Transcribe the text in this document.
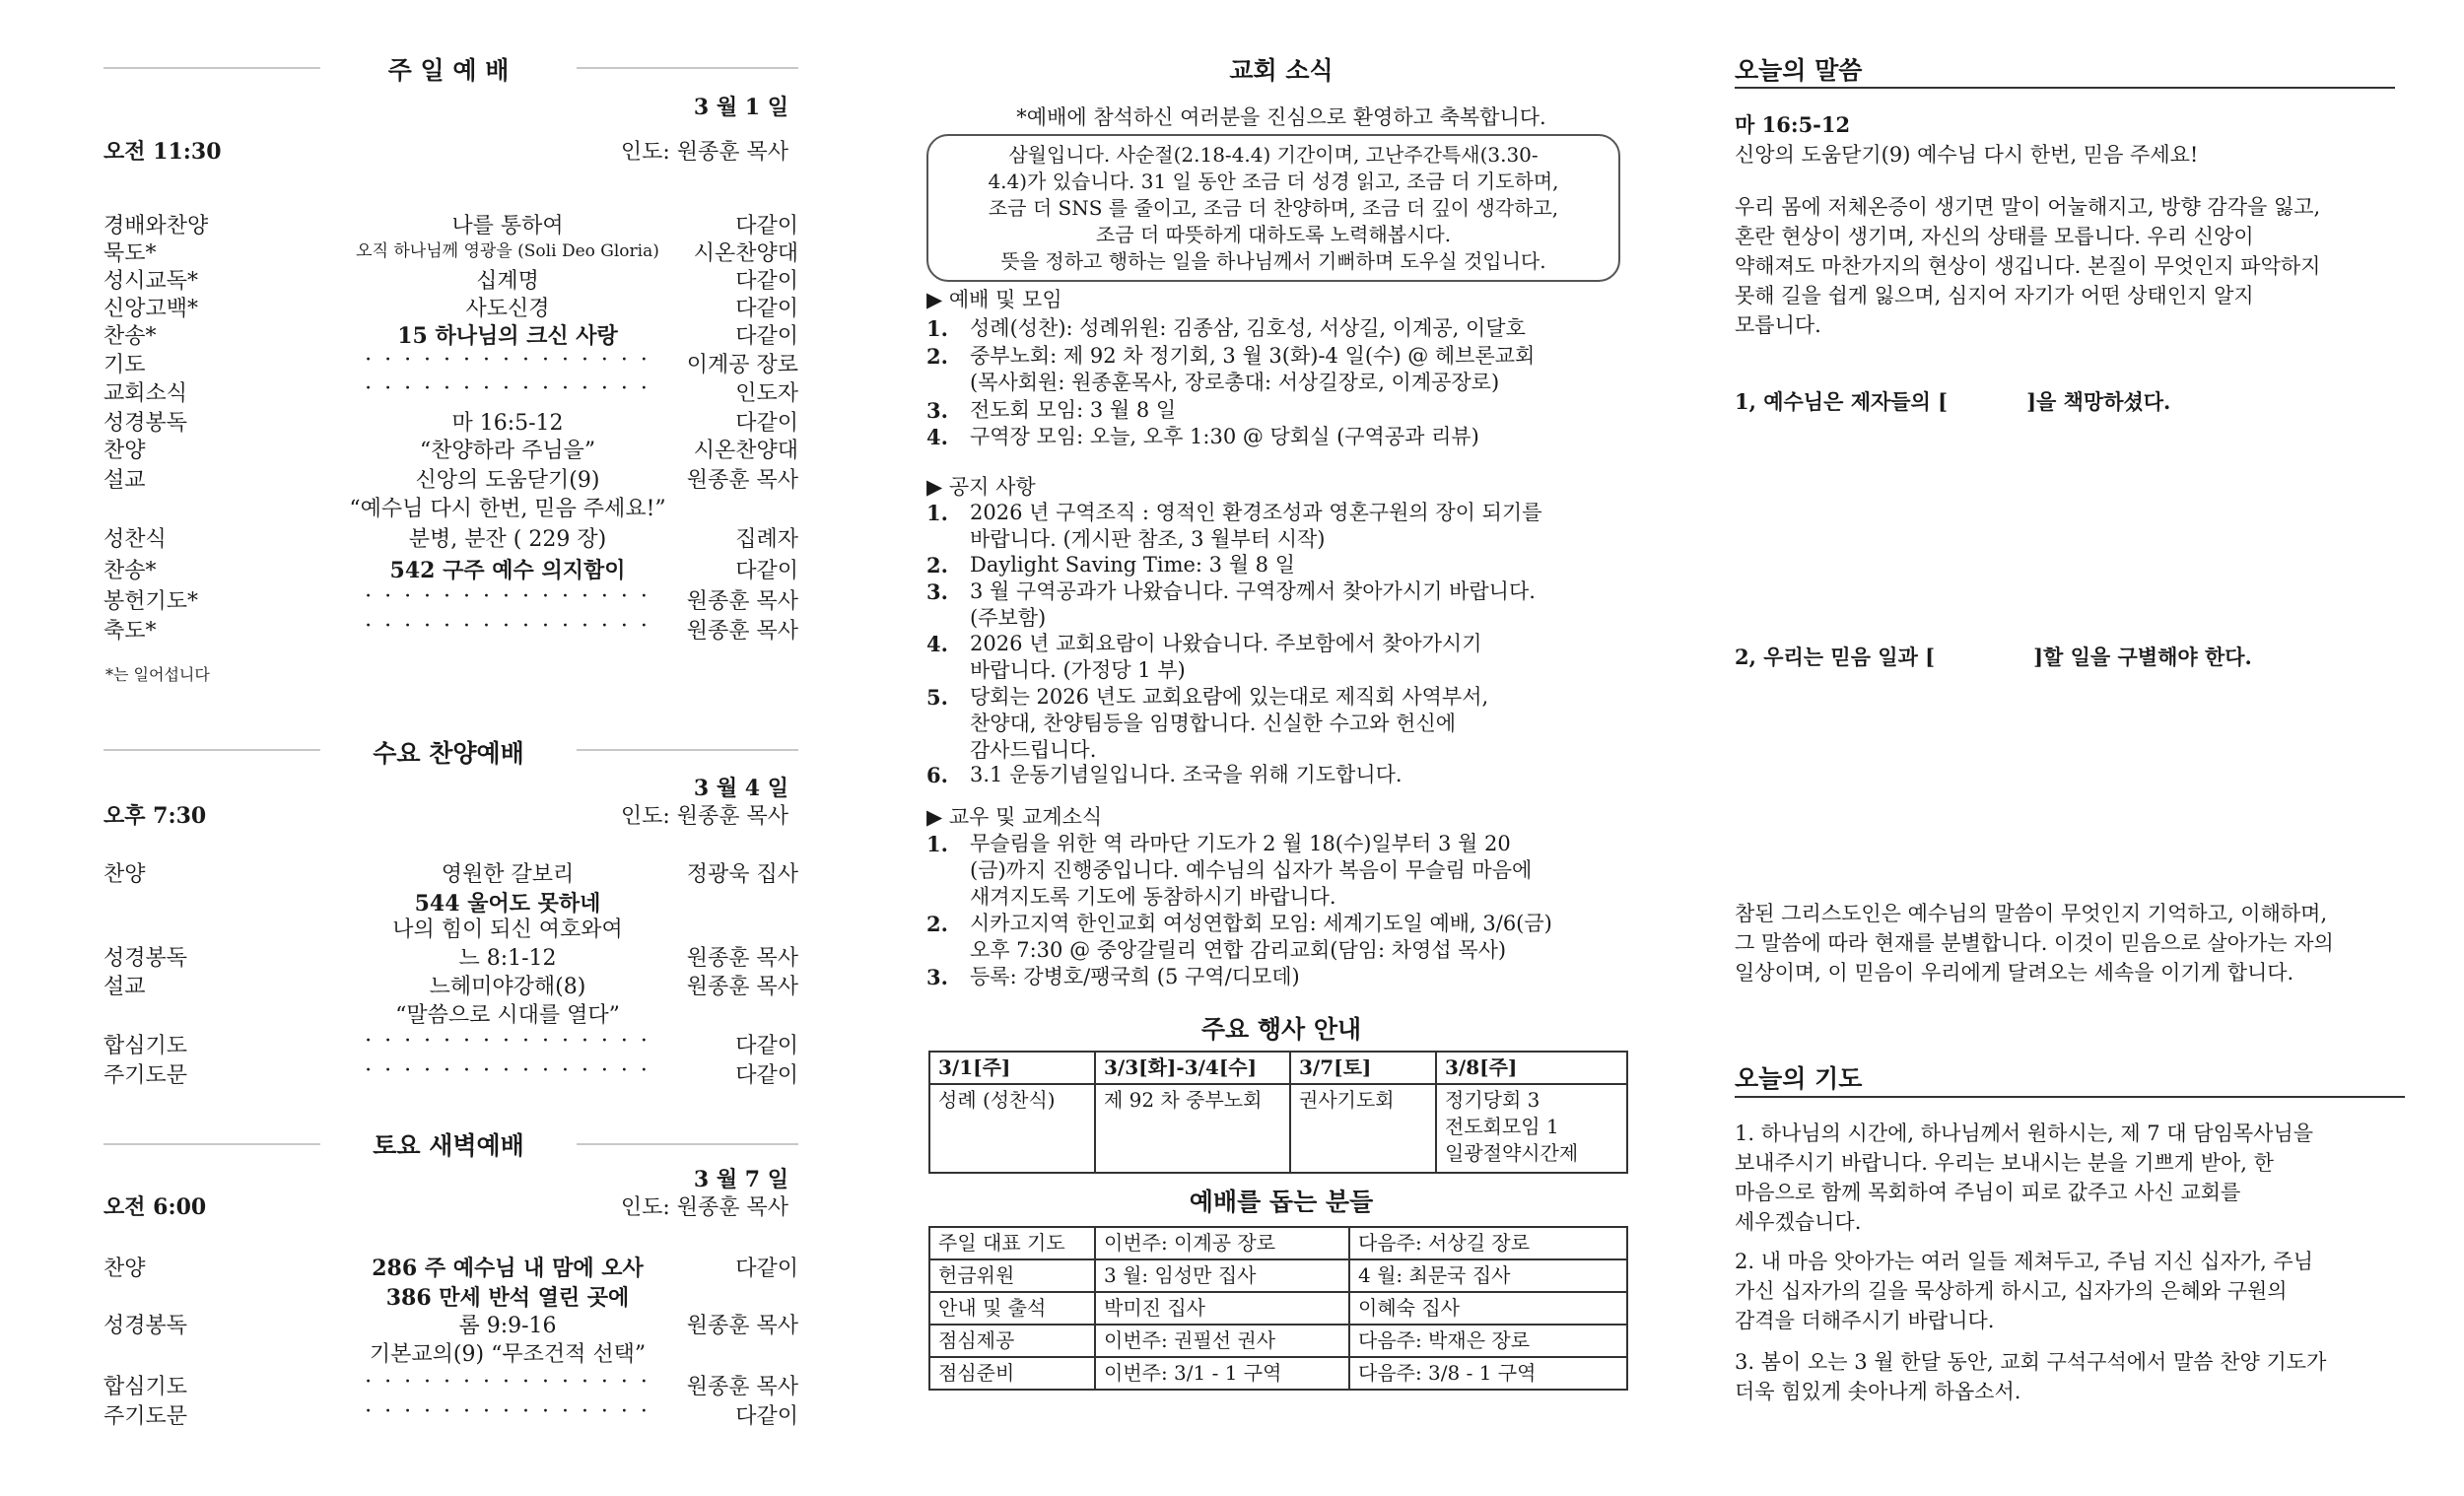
주 일 예 배
3 월 1 일
오전 11:30	인도: 원종훈 목사
경배와찬양	나를 통하여	다같이
묵도*	오직 하나님께 영광을 (Soli Deo Gloria)	시온찬양대
성시교독*	십계명	다같이
신앙고백*	사도신경	다같이
찬송*	15 하나님의 크신 사랑	다같이
기도	· · · · · · · · · · · · · · ·	이계공 장로
교회소식	· · · · · · · · · · · · · · ·	인도자
성경봉독	마 16:5-12	다같이
찬양	“찬양하라 주님을”	시온찬양대
설교	신앙의 도움닫기(9)	원종훈 목사
“예수님 다시 한번, 믿음 주세요!”
성찬식	분병, 분잔 ( 229 장)	집례자
찬송*	542 구주 예수 의지함이	다같이
봉헌기도*	· · · · · · · · · · · · · · ·	원종훈 목사
축도*	· · · · · · · · · · · · · · ·	원종훈 목사
*는 일어섭니다
수요 찬양예배
3 월 4 일
오후 7:30	인도: 원종훈 목사
찬양	영원한 갈보리	정광욱 집사
544 울어도 못하네
나의 힘이 되신 여호와여
성경봉독	느 8:1-12	원종훈 목사
설교	느헤미야강해(8)	원종훈 목사
“말씀으로 시대를 열다”
합심기도	· · · · · · · · · · · · · · ·	다같이
주기도문	· · · · · · · · · · · · · · ·	다같이
토요 새벽예배
3 월 7 일
오전 6:00	인도: 원종훈 목사
찬양	286 주 예수님 내 맘에 오사	다같이
386 만세 반석 열린 곳에
성경봉독	롬 9:9-16	원종훈 목사
기본교의(9) “무조건적 선택”
합심기도	· · · · · · · · · · · · · · ·	원종훈 목사
주기도문	· · · · · · · · · · · · · · ·	다같이
교회 소식
*예배에 참석하신 여러분을 진심으로 환영하고 축복합니다.
삼월입니다. 사순절(2.18-4.4) 기간이며, 고난주간특새(3.30-
4.4)가 있습니다. 31 일 동안 조금 더 성경 읽고, 조금 더 기도하며,
조금 더 SNS 를 줄이고, 조금 더 찬양하며, 조금 더 깊이 생각하고,
조금 더 따뜻하게 대하도록 노력해봅시다.
뜻을 정하고 행하는 일을 하나님께서 기뻐하며 도우실 것입니다.
▶ 예배 및 모임
1. 성례(성찬): 성례위원: 김종삼, 김호성, 서상길, 이계공, 이달호
2. 중부노회: 제 92 차 정기회, 3 월 3(화)-4 일(수) @ 헤브론교회
(목사회원: 원종훈목사, 장로총대: 서상길장로, 이계공장로)
3. 전도회 모임: 3 월 8 일
4. 구역장 모임: 오늘, 오후 1:30 @ 당회실 (구역공과 리뷰)
▶ 공지 사항
1. 2026 년 구역조직 : 영적인 환경조성과 영혼구원의 장이 되기를
바랍니다. (게시판 참조, 3 월부터 시작)
2. Daylight Saving Time: 3 월 8 일
3. 3 월 구역공과가 나왔습니다. 구역장께서 찾아가시기 바랍니다.
(주보함)
4. 2026 년 교회요람이 나왔습니다. 주보함에서 찾아가시기
바랍니다. (가정당 1 부)
5. 당회는 2026 년도 교회요람에 있는대로 제직회 사역부서,
찬양대, 찬양팀등을 임명합니다. 신실한 수고와 헌신에
감사드립니다.
6. 3.1 운동기념일입니다. 조국을 위해 기도합니다.
▶ 교우 및 교계소식
1. 무슬림을 위한 역 라마단 기도가 2 월 18(수)일부터 3 월 20
(금)까지 진행중입니다. 예수님의 십자가 복음이 무슬림 마음에
새겨지도록 기도에 동참하시기 바랍니다.
2. 시카고지역 한인교회 여성연합회 모임: 세계기도일 예배, 3/6(금)
오후 7:30 @ 중앙갈릴리 연합 감리교회(담임: 차영섭 목사)
3. 등록: 강병호/팽국희 (5 구역/디모데)
주요 행사 안내
3/1[주]	3/3[화]-3/4[수]	3/7[토]	3/8[주]
성례 (성찬식)	제 92 차 중부노회	권사기도회	정기당회 3
전도회모임 1
일광절약시간제
예배를 돕는 분들
주일 대표 기도	이번주: 이계공 장로	다음주: 서상길 장로
헌금위원	3 월: 임성만 집사	4 월: 최문국 집사
안내 및 출석	박미진 집사	이혜숙 집사
점심제공	이번주: 권필선 권사	다음주: 박재은 장로
점심준비	이번주: 3/1 - 1 구역	다음주: 3/8 - 1 구역
오늘의 말씀
마 16:5-12
신앙의 도움닫기(9) 예수님 다시 한번, 믿음 주세요!
우리 몸에 저체온증이 생기면 말이 어눌해지고, 방향 감각을 잃고,
혼란 현상이 생기며, 자신의 상태를 모릅니다. 우리 신앙이
약해져도 마찬가지의 현상이 생깁니다. 본질이 무엇인지 파악하지
못해 길을 쉽게 잃으며, 심지어 자기가 어떤 상태인지 알지
모릅니다.
1, 예수님은 제자들의 [	]을 책망하셨다.
2, 우리는 믿음 일과 [	]할 일을 구별해야 한다.
참된 그리스도인은 예수님의 말씀이 무엇인지 기억하고, 이해하며,
그 말씀에 따라 현재를 분별합니다. 이것이 믿음으로 살아가는 자의
일상이며, 이 믿음이 우리에게 달려오는 세속을 이기게 합니다.
오늘의 기도
1. 하나님의 시간에, 하나님께서 원하시는, 제 7 대 담임목사님을
보내주시기 바랍니다. 우리는 보내시는 분을 기쁘게 받아, 한
마음으로 함께 목회하여 주님이 피로 값주고 사신 교회를
세우겠습니다.
2. 내 마음 앗아가는 여러 일들 제쳐두고, 주님 지신 십자가, 주님
가신 십자가의 길을 묵상하게 하시고, 십자가의 은혜와 구원의
감격을 더해주시기 바랍니다.
3. 봄이 오는 3 월 한달 동안, 교회 구석구석에서 말씀 찬양 기도가
더욱 힘있게 솟아나게 하옵소서.
